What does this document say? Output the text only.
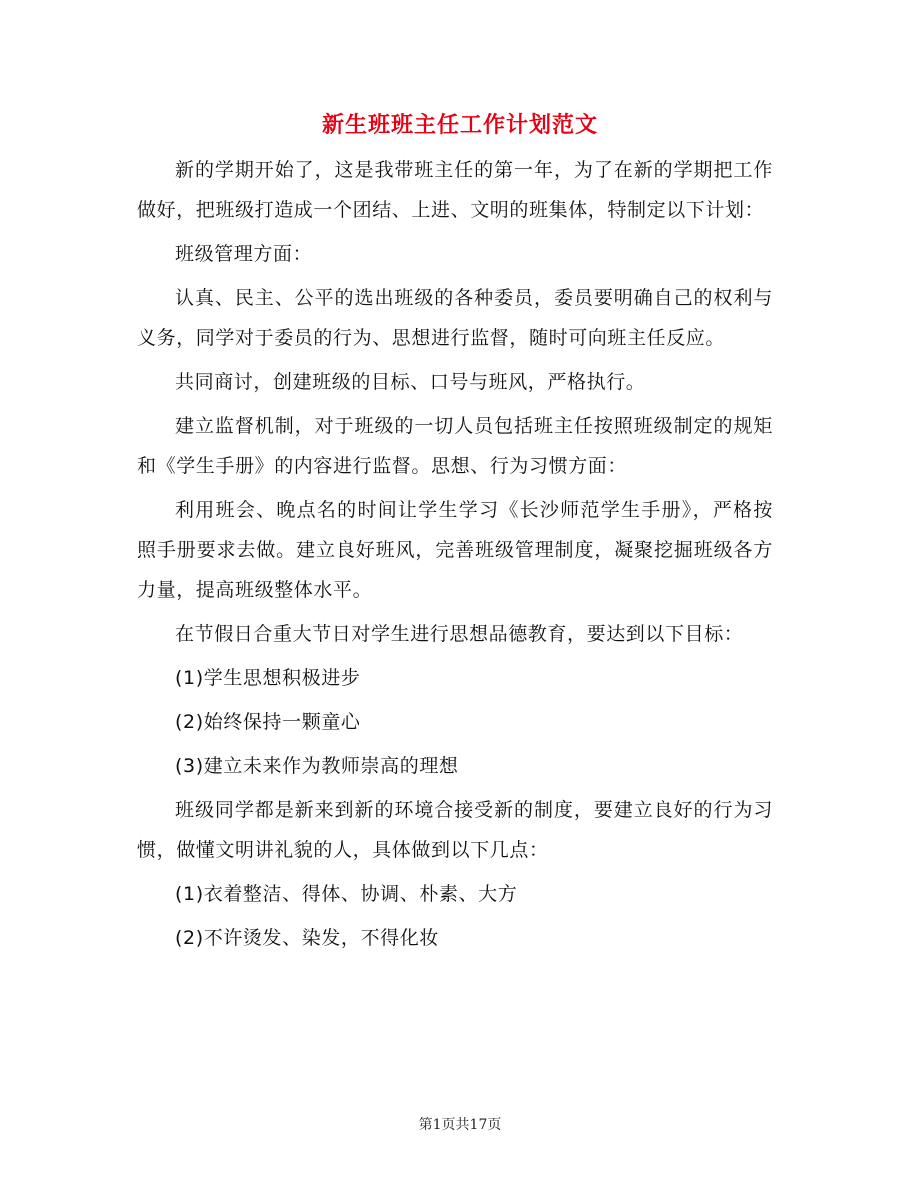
新生班班主任工作计划范文

新的学期开始了，这是我带班主任的第一年，为了在新的学期把工作做好，把班级打造成一个团结、上进、文明的班集体，特制定以下计划：

班级管理方面：

认真、民主、公平的选出班级的各种委员，委员要明确自己的权利与义务，同学对于委员的行为、思想进行监督，随时可向班主任反应。

共同商讨，创建班级的目标、口号与班风，严格执行。

建立监督机制，对于班级的一切人员包括班主任按照班级制定的规矩和《学生手册》的内容进行监督。思想、行为习惯方面：

利用班会、晚点名的时间让学生学习《长沙师范学生手册》，严格按照手册要求去做。建立良好班风，完善班级管理制度，凝聚挖掘班级各方力量，提高班级整体水平。

在节假日合重大节日对学生进行思想品德教育，要达到以下目标：

(1)学生思想积极进步

(2)始终保持一颗童心

(3)建立未来作为教师崇高的理想

班级同学都是新来到新的环境合接受新的制度，要建立良好的行为习惯，做懂文明讲礼貌的人，具体做到以下几点：

(1)衣着整洁、得体、协调、朴素、大方

(2)不许烫发、染发，不得化妆

第1页共17页
